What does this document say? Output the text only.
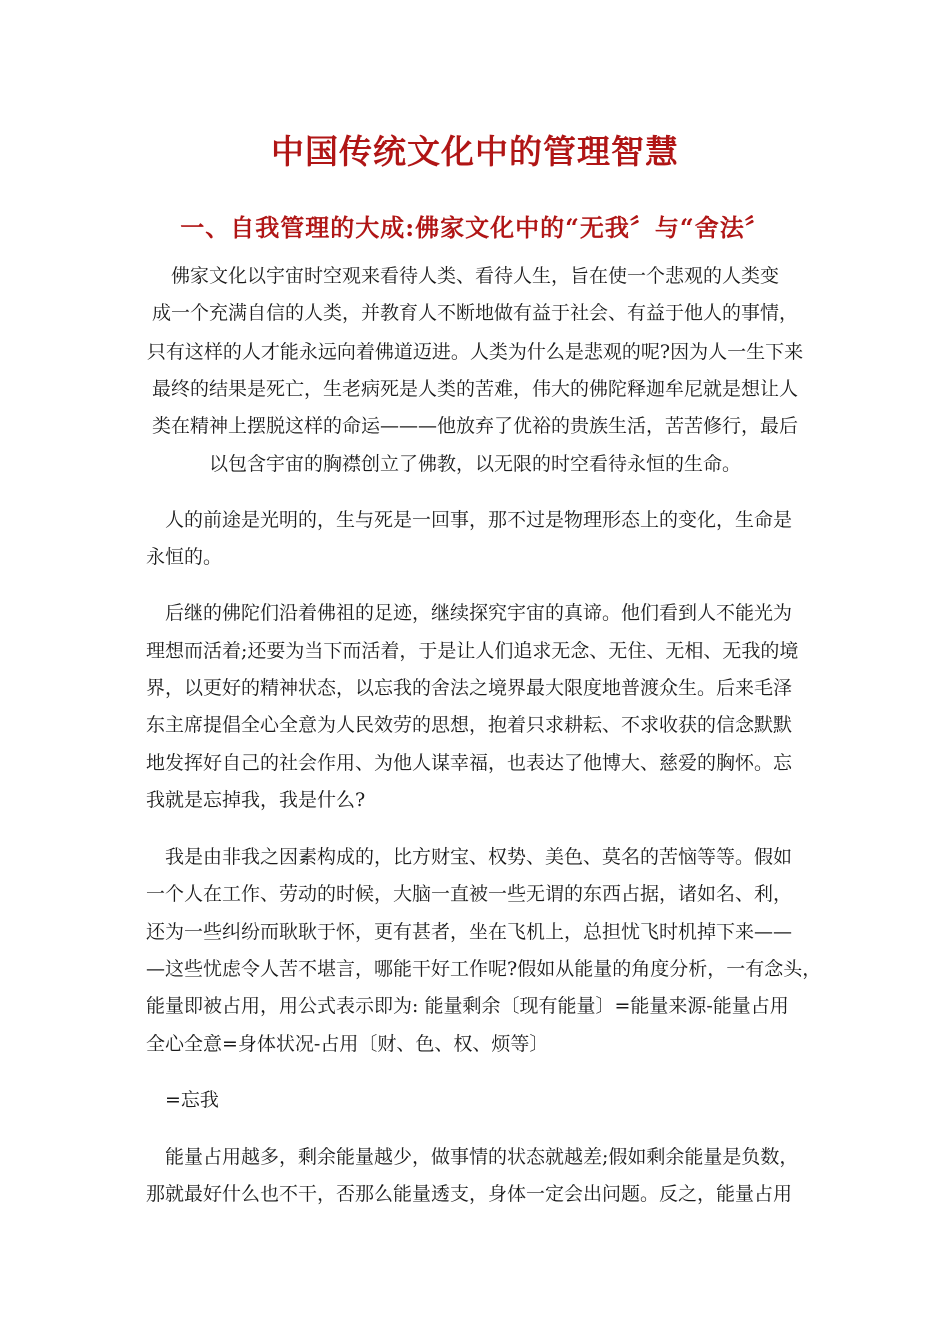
中国传统文化中的管理智慧
一、自我管理的大成:佛家文化中的“无我〞与“舍法〞
佛家文化以宇宙时空观来看待人类、看待人生，旨在使一个悲观的人类变
成一个充满自信的人类，并教育人不断地做有益于社会、有益于他人的事情，
只有这样的人才能永远向着佛道迈进。人类为什么是悲观的呢?因为人一生下来
最终的结果是死亡，生老病死是人类的苦难，伟大的佛陀释迦牟尼就是想让人
类在精神上摆脱这样的命运———他放弃了优裕的贵族生活，苦苦修行，最后
以包含宇宙的胸襟创立了佛教，以无限的时空看待永恒的生命。
人的前途是光明的，生与死是一回事，那不过是物理形态上的变化，生命是
永恒的。
后继的佛陀们沿着佛祖的足迹，继续探究宇宙的真谛。他们看到人不能光为
理想而活着;还要为当下而活着，于是让人们追求无念、无住、无相、无我的境
界，以更好的精神状态，以忘我的舍法之境界最大限度地普渡众生。后来毛泽
东主席提倡全心全意为人民效劳的思想，抱着只求耕耘、不求收获的信念默默
地发挥好自己的社会作用、为他人谋幸福，也表达了他博大、慈爱的胸怀。忘
我就是忘掉我，我是什么?
我是由非我之因素构成的，比方财宝、权势、美色、莫名的苦恼等等。假如
一个人在工作、劳动的时候，大脑一直被一些无谓的东西占据，诸如名、利，
还为一些纠纷而耿耿于怀，更有甚者，坐在飞机上，总担忧飞时机掉下来——
—这些忧虑令人苦不堪言，哪能干好工作呢?假如从能量的角度分析，一有念头，
能量即被占用，用公式表示即为: 能量剩余〔现有能量〕=能量来源-能量占用
全心全意=身体状况-占用〔财、色、权、烦等〕
=忘我
能量占用越多，剩余能量越少，做事情的状态就越差;假如剩余能量是负数，
那就最好什么也不干，否那么能量透支，身体一定会出问题。反之，能量占用
